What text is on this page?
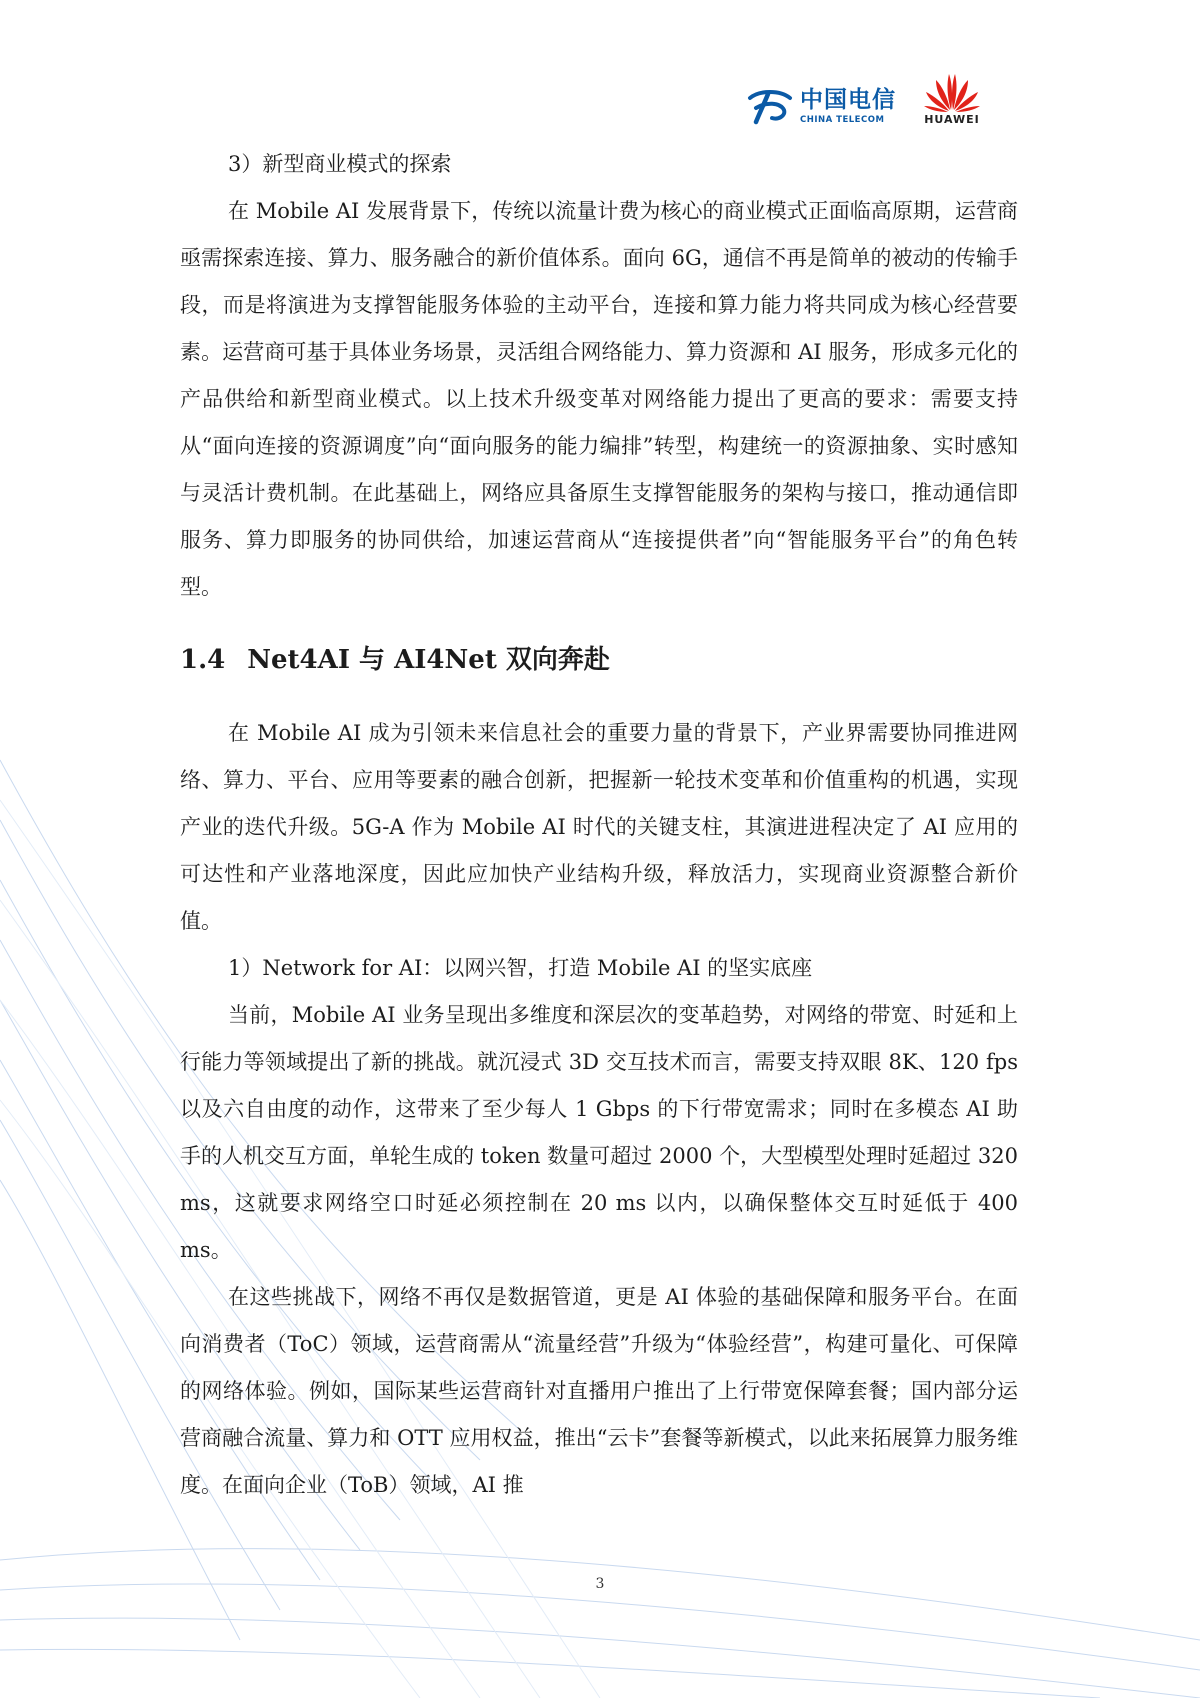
中国电信
CHINA TELECOM	HUAWEI

3）新型商业模式的探索

在 Mobile AI 发展背景下，传统以流量计费为核心的商业模式正面临高原期，运营商亟需探索连接、算力、服务融合的新价值体系。面向 6G，通信不再是简单的被动的传输手段，而是将演进为支撑智能服务体验的主动平台，连接和算力能力将共同成为核心经营要素。运营商可基于具体业务场景，灵活组合网络能力、算力资源和 AI 服务，形成多元化的产品供给和新型商业模式。以上技术升级变革对网络能力提出了更高的要求：需要支持从“面向连接的资源调度”向“面向服务的能力编排”转型，构建统一的资源抽象、实时感知与灵活计费机制。在此基础上，网络应具备原生支撑智能服务的架构与接口，推动通信即服务、算力即服务的协同供给，加速运营商从“连接提供者”向“智能服务平台”的角色转型。

1.4 Net4AI 与 AI4Net 双向奔赴

在 Mobile AI 成为引领未来信息社会的重要力量的背景下，产业界需要协同推进网络、算力、平台、应用等要素的融合创新，把握新一轮技术变革和价值重构的机遇，实现产业的迭代升级。5G-A 作为 Mobile AI 时代的关键支柱，其演进进程决定了 AI 应用的可达性和产业落地深度，因此应加快产业结构升级，释放活力，实现商业资源整合新价值。

1）Network for AI：以网兴智，打造 Mobile AI 的坚实底座

当前，Mobile AI 业务呈现出多维度和深层次的变革趋势，对网络的带宽、时延和上行能力等领域提出了新的挑战。就沉浸式 3D 交互技术而言，需要支持双眼 8K、120 fps 以及六自由度的动作，这带来了至少每人 1 Gbps 的下行带宽需求；同时在多模态 AI 助手的人机交互方面，单轮生成的 token 数量可超过 2000 个，大型模型处理时延超过 320 ms，这就要求网络空口时延必须控制在 20 ms 以内，以确保整体交互时延低于 400 ms。

在这些挑战下，网络不再仅是数据管道，更是 AI 体验的基础保障和服务平台。在面向消费者（ToC）领域，运营商需从“流量经营”升级为“体验经营”，构建可量化、可保障的网络体验。例如，国际某些运营商针对直播用户推出了上行带宽保障套餐；国内部分运营商融合流量、算力和 OTT 应用权益，推出“云卡”套餐等新模式，以此来拓展算力服务维度。在面向企业（ToB）领域，AI 推

3
